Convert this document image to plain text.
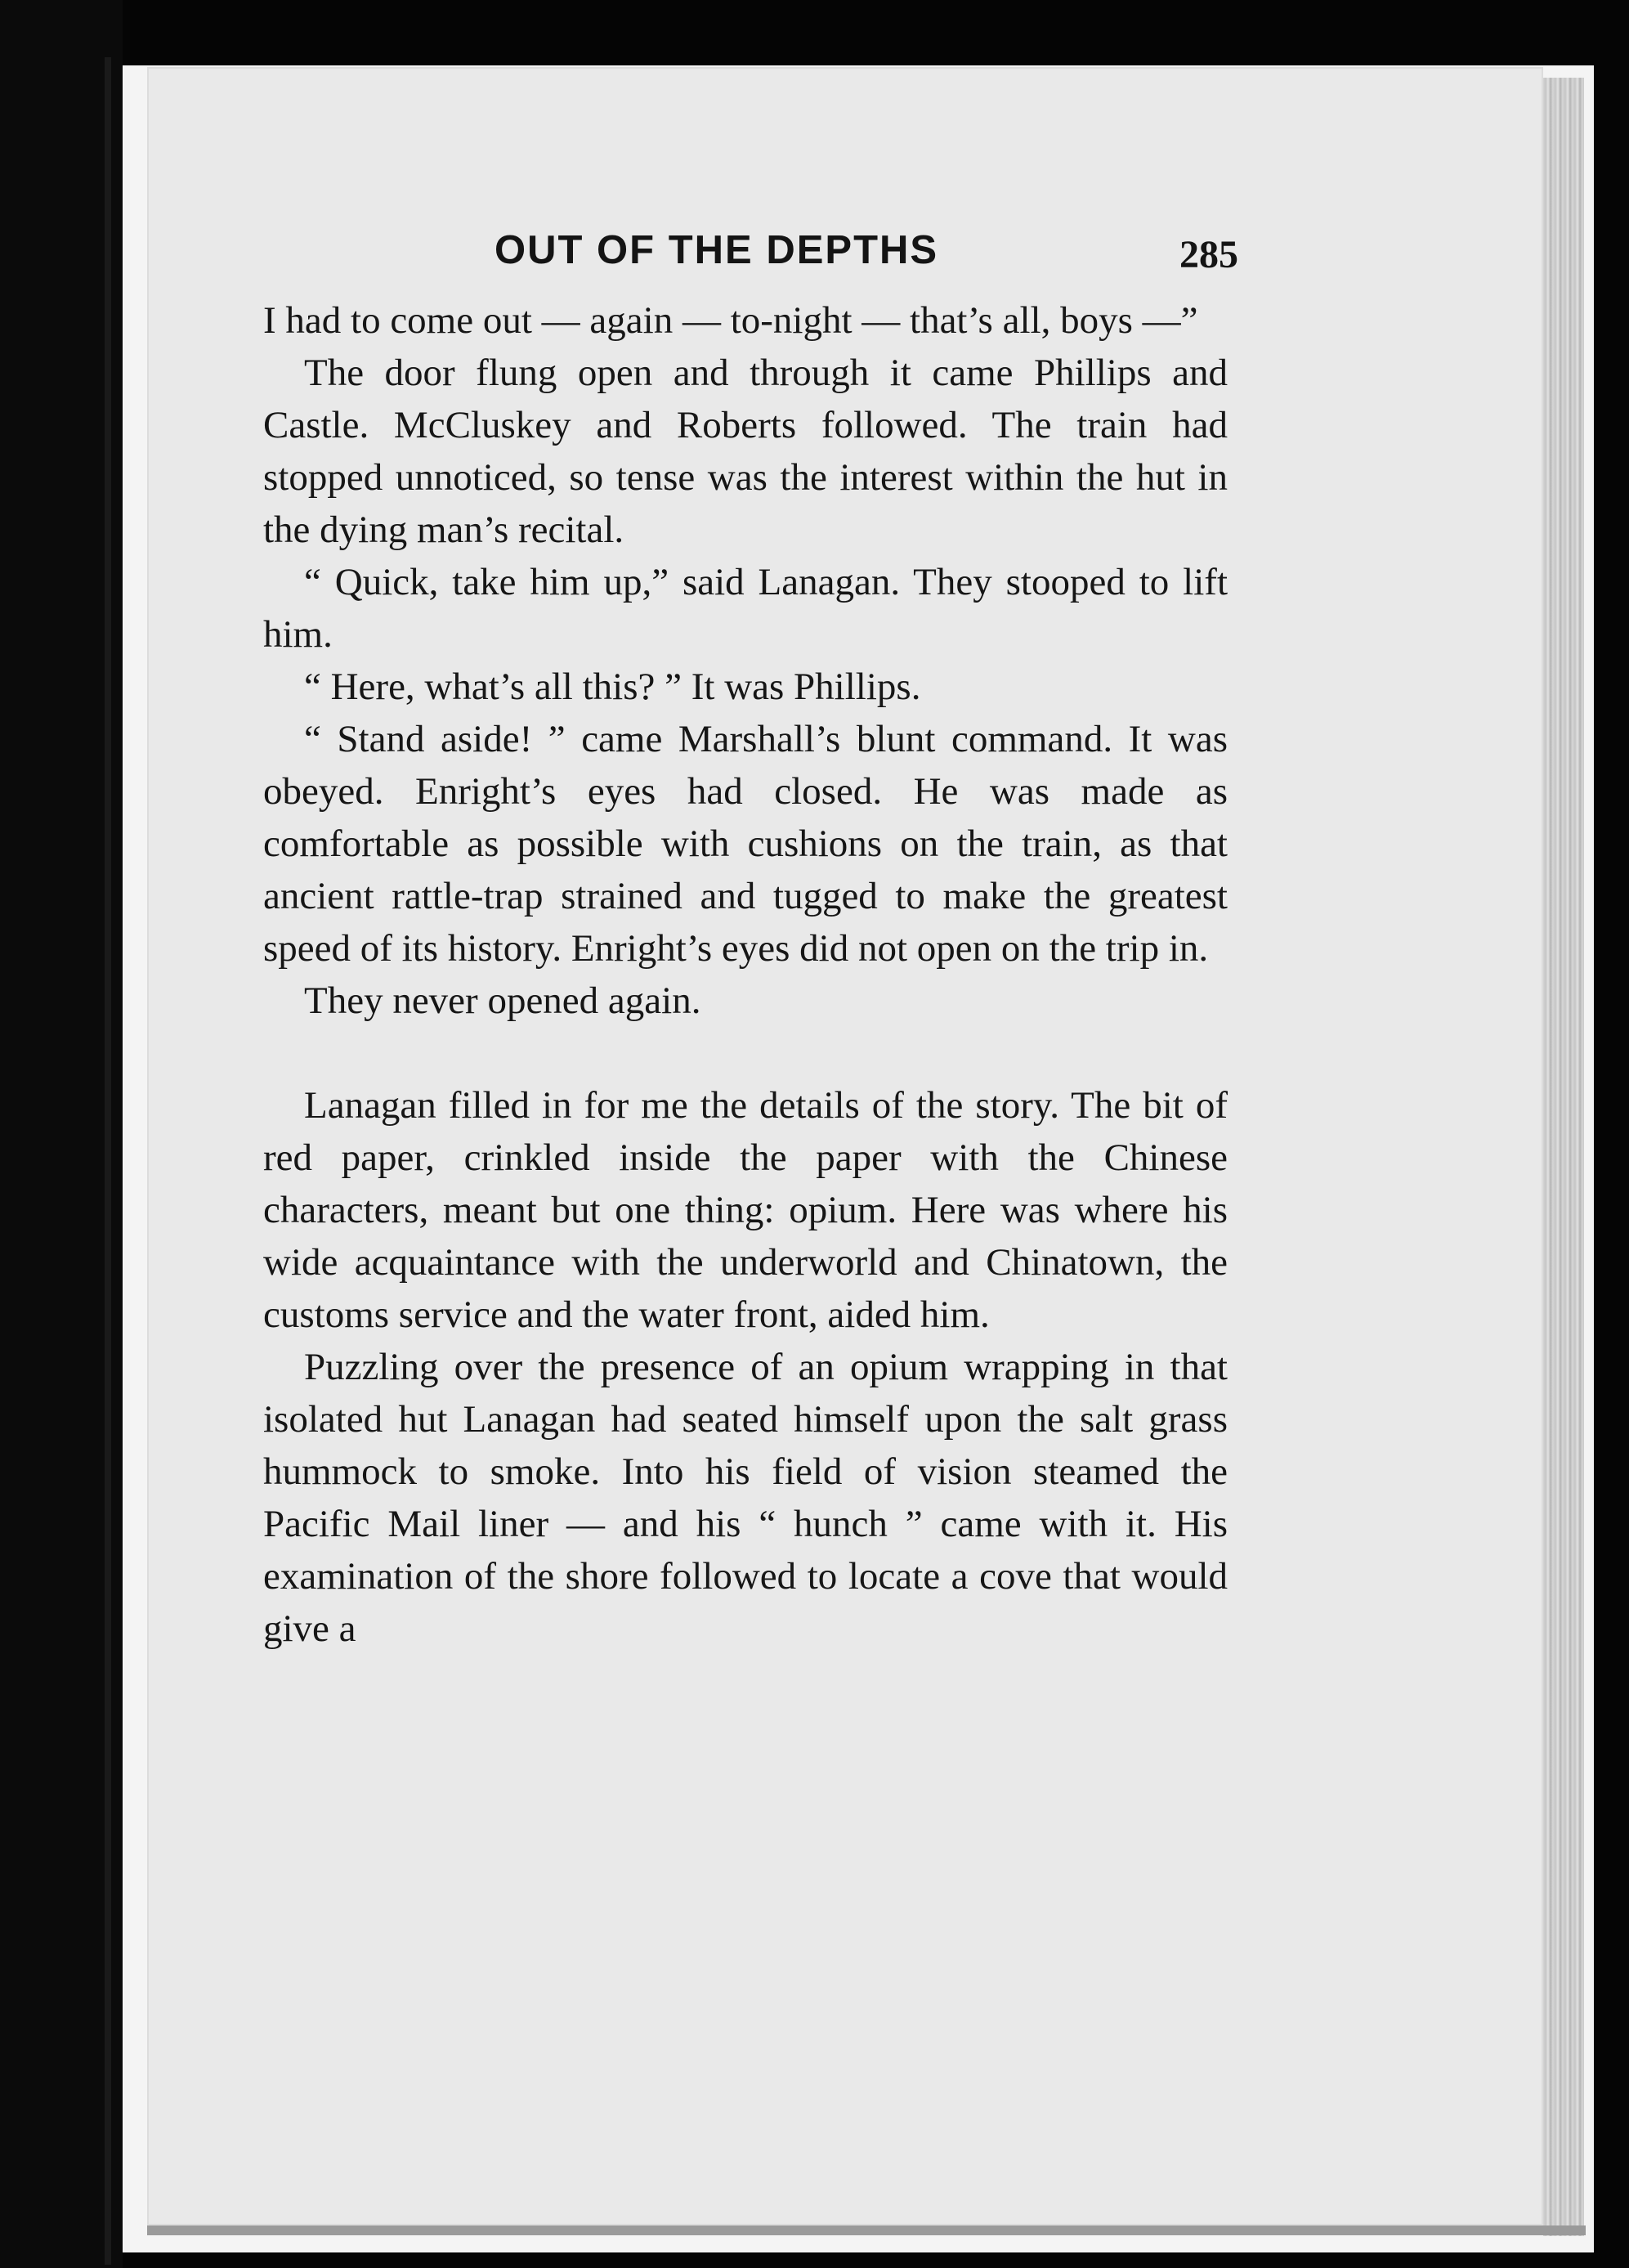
OUT OF THE DEPTHS	285

I had to come out — again — to-night — that’s all, boys —”

The door flung open and through it came Phillips and Castle. McCluskey and Roberts followed. The train had stopped unnoticed, so tense was the interest within the hut in the dying man’s recital.

“ Quick, take him up,” said Lanagan. They stooped to lift him.

“ Here, what’s all this? ” It was Phillips.

“ Stand aside! ” came Marshall’s blunt command. It was obeyed. Enright’s eyes had closed. He was made as comfortable as possible with cushions on the train, as that ancient rattle-trap strained and tugged to make the greatest speed of its history. Enright’s eyes did not open on the trip in.

They never opened again.

Lanagan filled in for me the details of the story. The bit of red paper, crinkled inside the paper with the Chinese characters, meant but one thing: opium. Here was where his wide acquaintance with the underworld and Chinatown, the customs service and the water front, aided him.

Puzzling over the presence of an opium wrapping in that isolated hut Lanagan had seated himself upon the salt grass hummock to smoke. Into his field of vision steamed the Pacific Mail liner — and his “ hunch ” came with it. His examination of the shore followed to locate a cove that would give a
